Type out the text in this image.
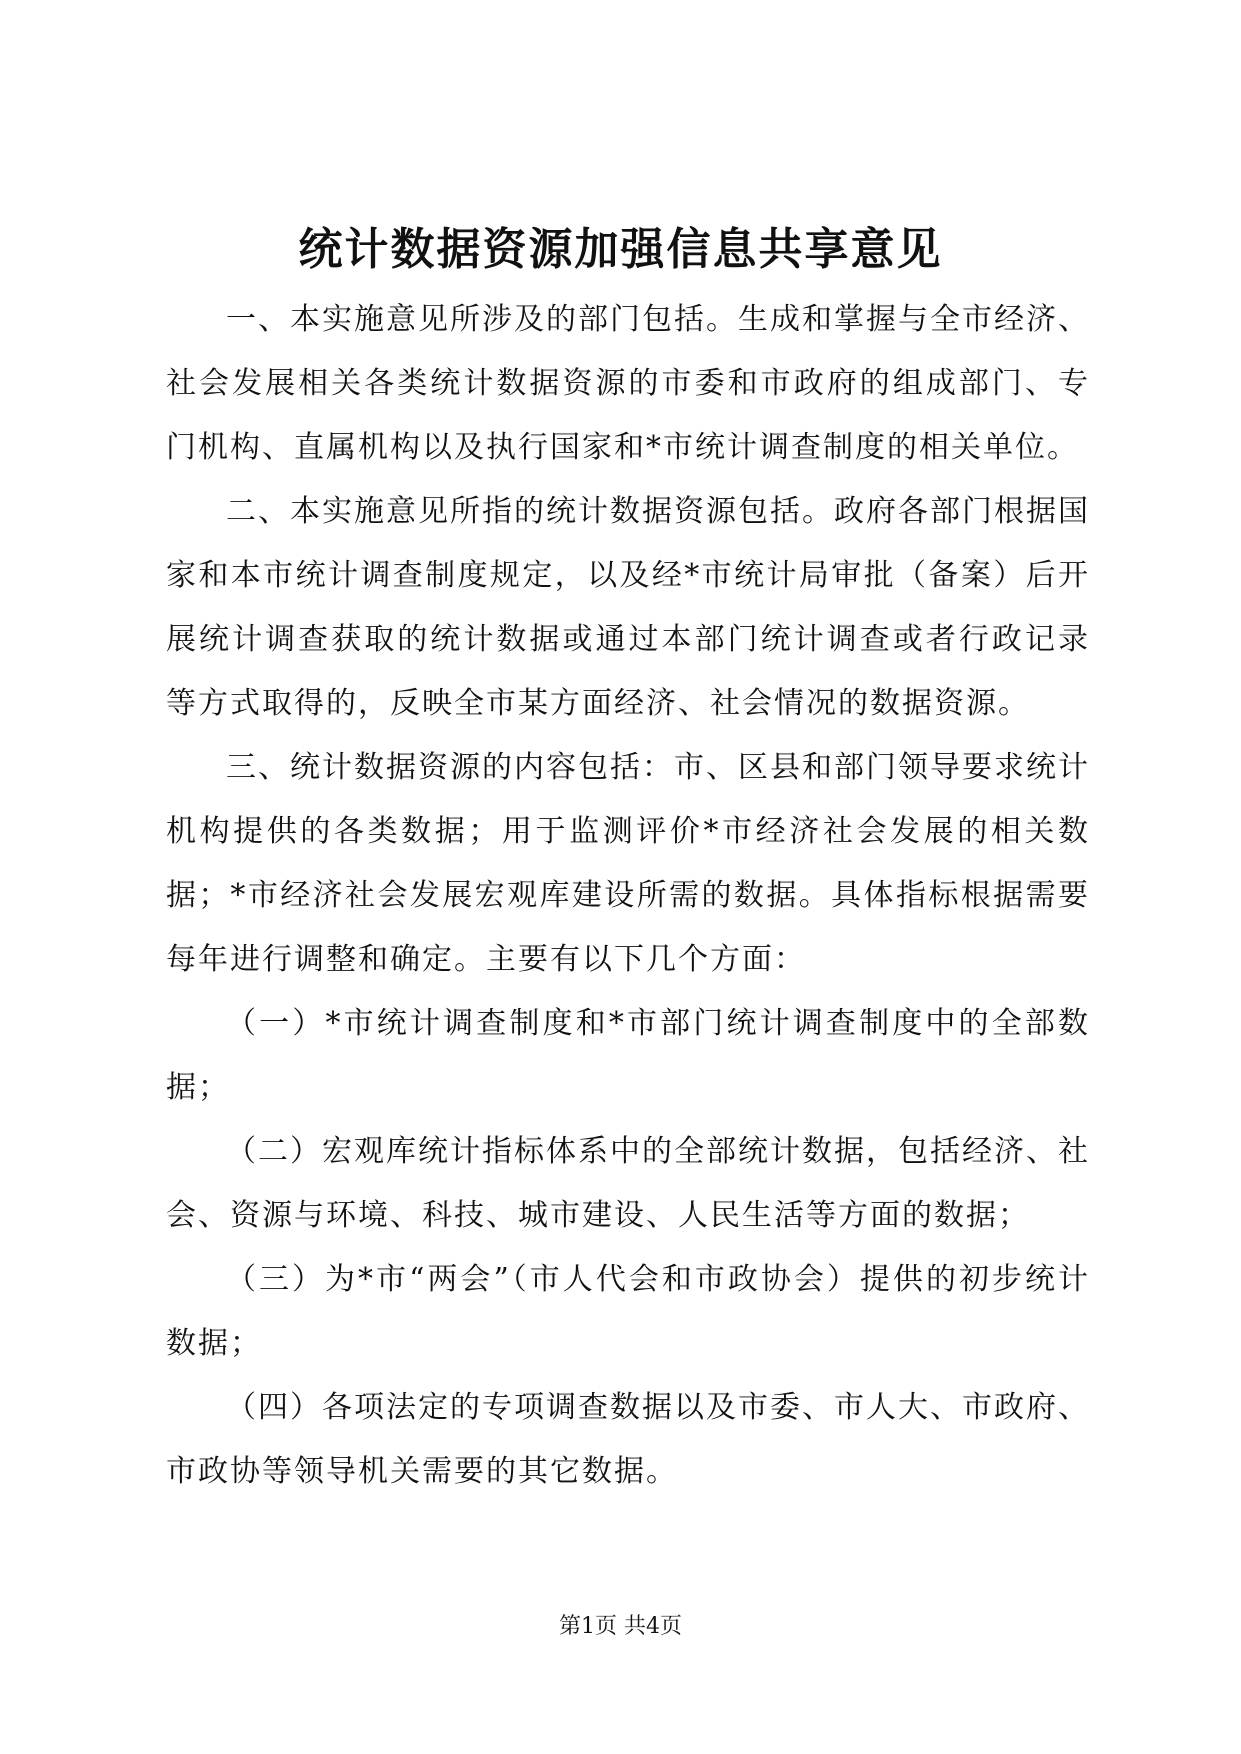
统计数据资源加强信息共享意见

一、本实施意见所涉及的部门包括。生成和掌握与全市经济、社会发展相关各类统计数据资源的市委和市政府的组成部门、专门机构、直属机构以及执行国家和*市统计调查制度的相关单位。

二、本实施意见所指的统计数据资源包括。政府各部门根据国家和本市统计调查制度规定，以及经*市统计局审批（备案）后开展统计调查获取的统计数据或通过本部门统计调查或者行政记录等方式取得的，反映全市某方面经济、社会情况的数据资源。

三、统计数据资源的内容包括：市、区县和部门领导要求统计机构提供的各类数据；用于监测评价*市经济社会发展的相关数据；*市经济社会发展宏观库建设所需的数据。具体指标根据需要每年进行调整和确定。主要有以下几个方面：

（一）*市统计调查制度和*市部门统计调查制度中的全部数据；

（二）宏观库统计指标体系中的全部统计数据，包括经济、社会、资源与环境、科技、城市建设、人民生活等方面的数据；

（三）为*市“两会”（市人代会和市政协会）提供的初步统计数据；

（四）各项法定的专项调查数据以及市委、市人大、市政府、市政协等领导机关需要的其它数据。

第1页 共4页
